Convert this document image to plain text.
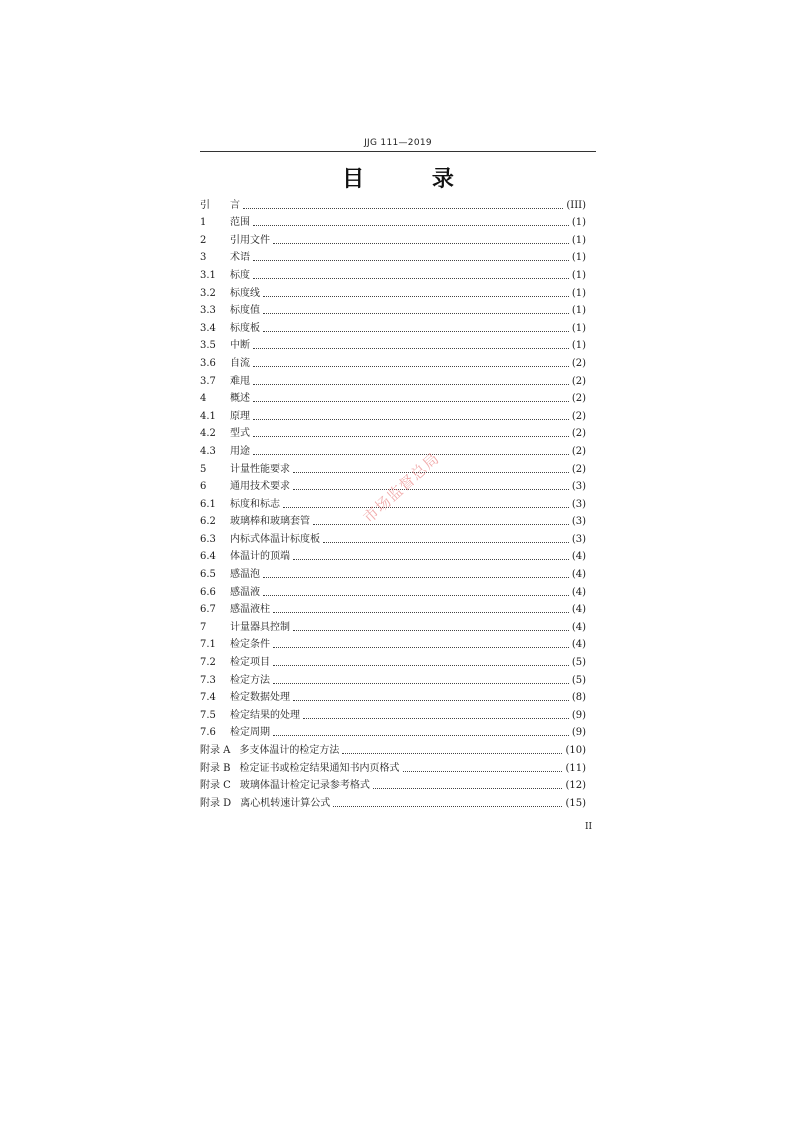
JJG 111—2019
目 录
引	言	(III)
1	范围	(1)
2	引用文件	(1)
3	术语	(1)
3.1	标度	(1)
3.2	标度线	(1)
3.3	标度值	(1)
3.4	标度板	(1)
3.5	中断	(1)
3.6	自流	(2)
3.7	难甩	(2)
4	概述	(2)
4.1	原理	(2)
4.2	型式	(2)
4.3	用途	(2)
5	计量性能要求	(2)
6	通用技术要求	(3)
6.1	标度和标志	(3)
6.2	玻璃棒和玻璃套管	(3)
6.3	内标式体温计标度板	(3)
6.4	体温计的顶端	(4)
6.5	感温泡	(4)
6.6	感温液	(4)
6.7	感温液柱	(4)
7	计量器具控制	(4)
7.1	检定条件	(4)
7.2	检定项目	(5)
7.3	检定方法	(5)
7.4	检定数据处理	(8)
7.5	检定结果的处理	(9)
7.6	检定周期	(9)
附录 A 多支体温计的检定方法	(10)
附录 B 检定证书或检定结果通知书内页格式	(11)
附录 C 玻璃体温计检定记录参考格式	(12)
附录 D 离心机转速计算公式	(15)
II
市场监督总局
